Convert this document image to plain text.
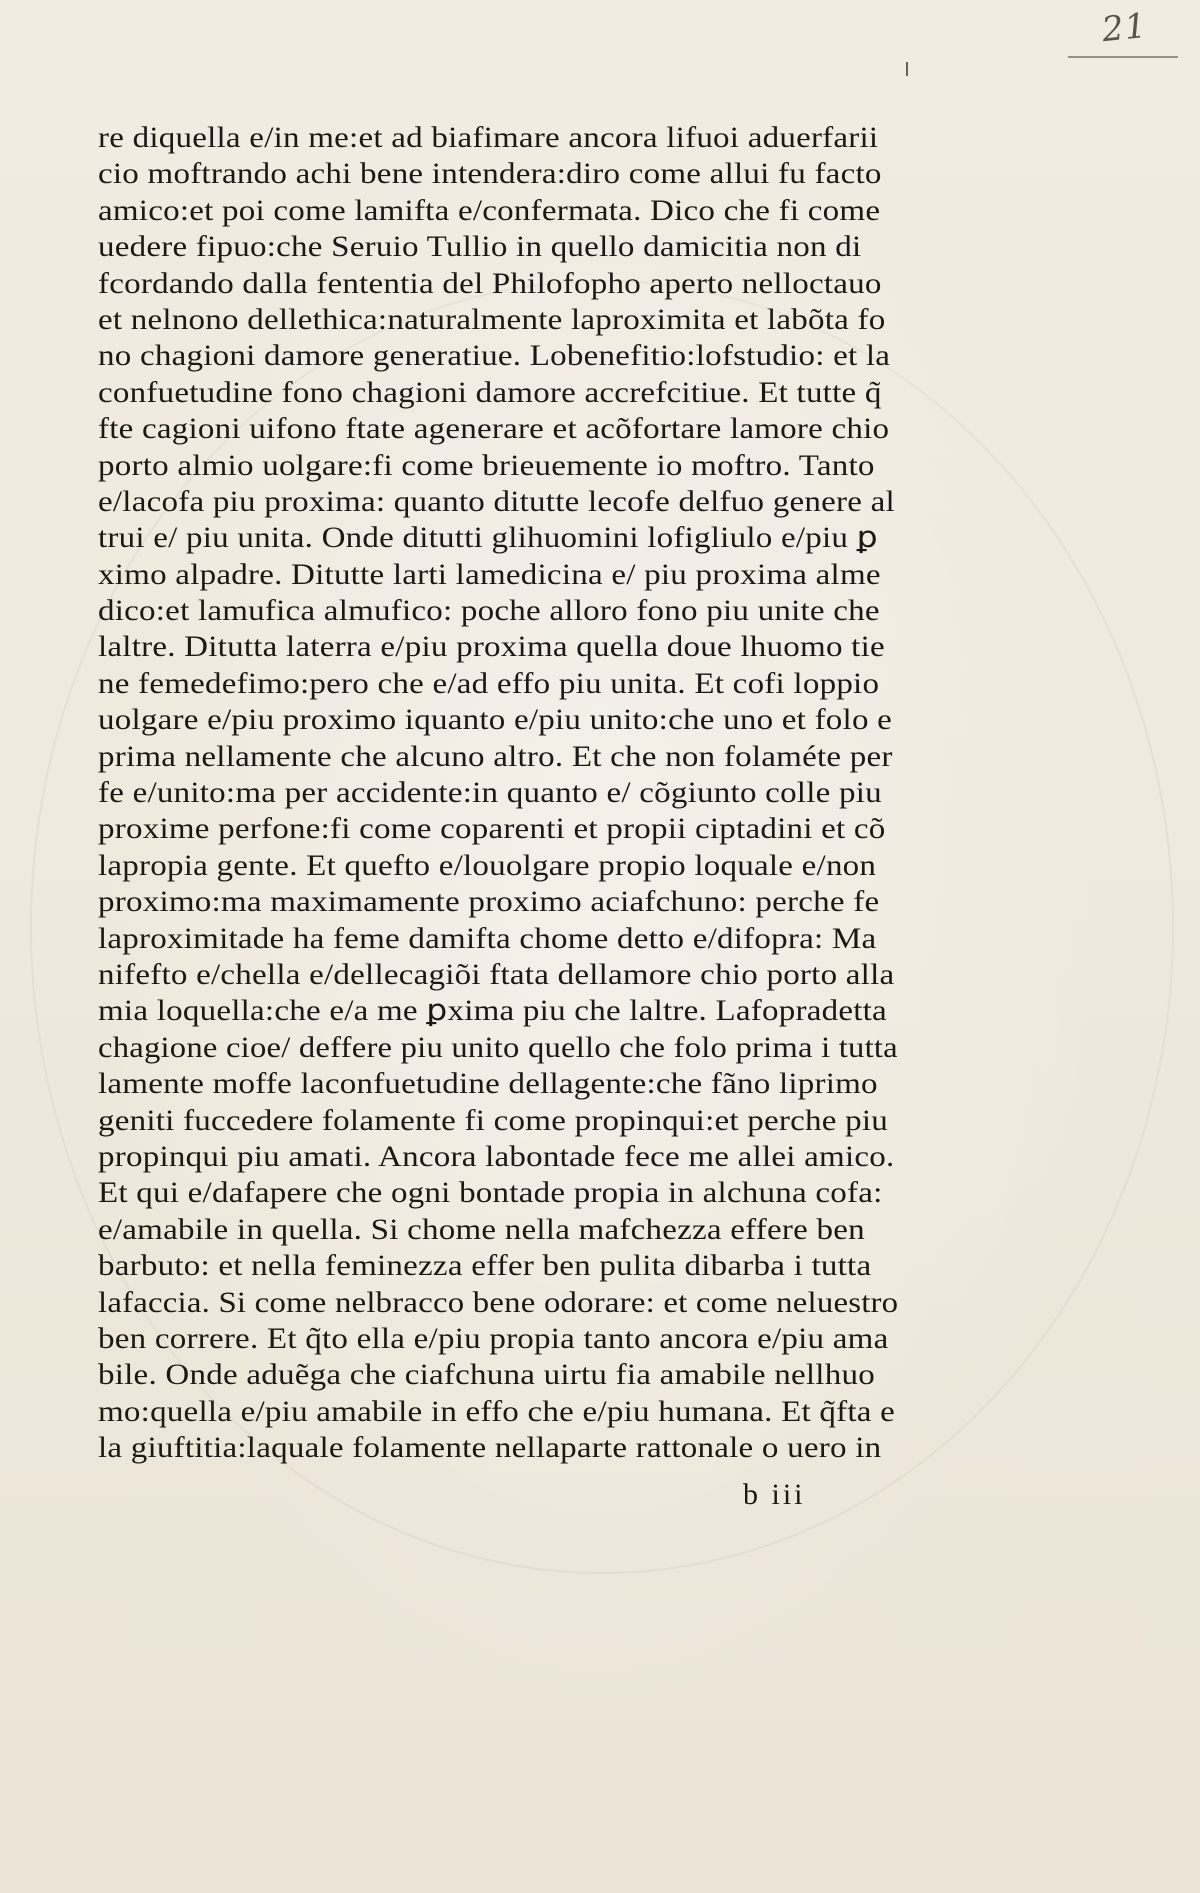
21
re diquella e/in me:et ad biafimare ancora lifuoi aduerfarii
cio moftrando achi bene intendera:diro come allui fu facto
amico:et poi come lamifta e/confermata. Dico che fi come
uedere fipuo:che Seruio Tullio in quello damicitia non di
fcordando dalla fententia del Philofopho aperto nelloctauo
et nelnono dellethica:naturalmente laproximita et labõta fo
no chagioni damore generatiue. Lobenefitio:lofstudio: et la
confuetudine fono chagioni damore accrefcitiue. Et tutte q̃
fte cagioni uifono ftate agenerare et acõfortare lamore chio
porto almio uolgare:fi come brieuemente io moftro. Tanto
e/lacofa piu proxima: quanto ditutte lecofe delfuo genere al
trui e/ piu unita. Onde ditutti glihuomini lofigliulo e/piu ꝑ
ximo alpadre. Ditutte larti lamedicina e/ piu proxima alme
dico:et lamufica almufico: poche alloro fono piu unite che
laltre. Ditutta laterra e/piu proxima quella doue lhuomo tie
ne femedefimo:pero che e/ad effo piu unita. Et cofi loppio
uolgare e/piu proximo iquanto e/piu unito:che uno et folo e
prima nellamente che alcuno altro. Et che non folaméte per
fe e/unito:ma per accidente:in quanto e/ cõgiunto colle piu
proxime perfone:fi come coparenti et propii ciptadini et cõ
lapropia gente. Et quefto e/louolgare propio loquale e/non
proximo:ma maximamente proximo aciafchuno: perche fe
laproximitade ha feme damifta chome detto e/difopra: Ma
nifefto e/chella e/dellecagiõi ftata dellamore chio porto alla
mia loquella:che e/a me ꝑxima piu che laltre. Lafopradetta
chagione cioe/ deffere piu unito quello che folo prima i tutta
lamente moffe laconfuetudine dellagente:che fãno liprimo
geniti fuccedere folamente fi come propinqui:et perche piu
propinqui piu amati. Ancora labontade fece me allei amico.
Et qui e/dafapere che ogni bontade propia in alchuna cofa:
e/amabile in quella. Si chome nella mafchezza effere ben
barbuto: et nella feminezza effer ben pulita dibarba i tutta
lafaccia. Si come nelbracco bene odorare: et come neluestro
ben correre. Et q̃to ella e/piu propia tanto ancora e/piu ama
bile. Onde aduẽga che ciafchuna uirtu fia amabile nellhuo
mo:quella e/piu amabile in effo che e/piu humana. Et q̃fta e
la giuftitia:laquale folamente nellaparte rattonale o uero in
b iii
